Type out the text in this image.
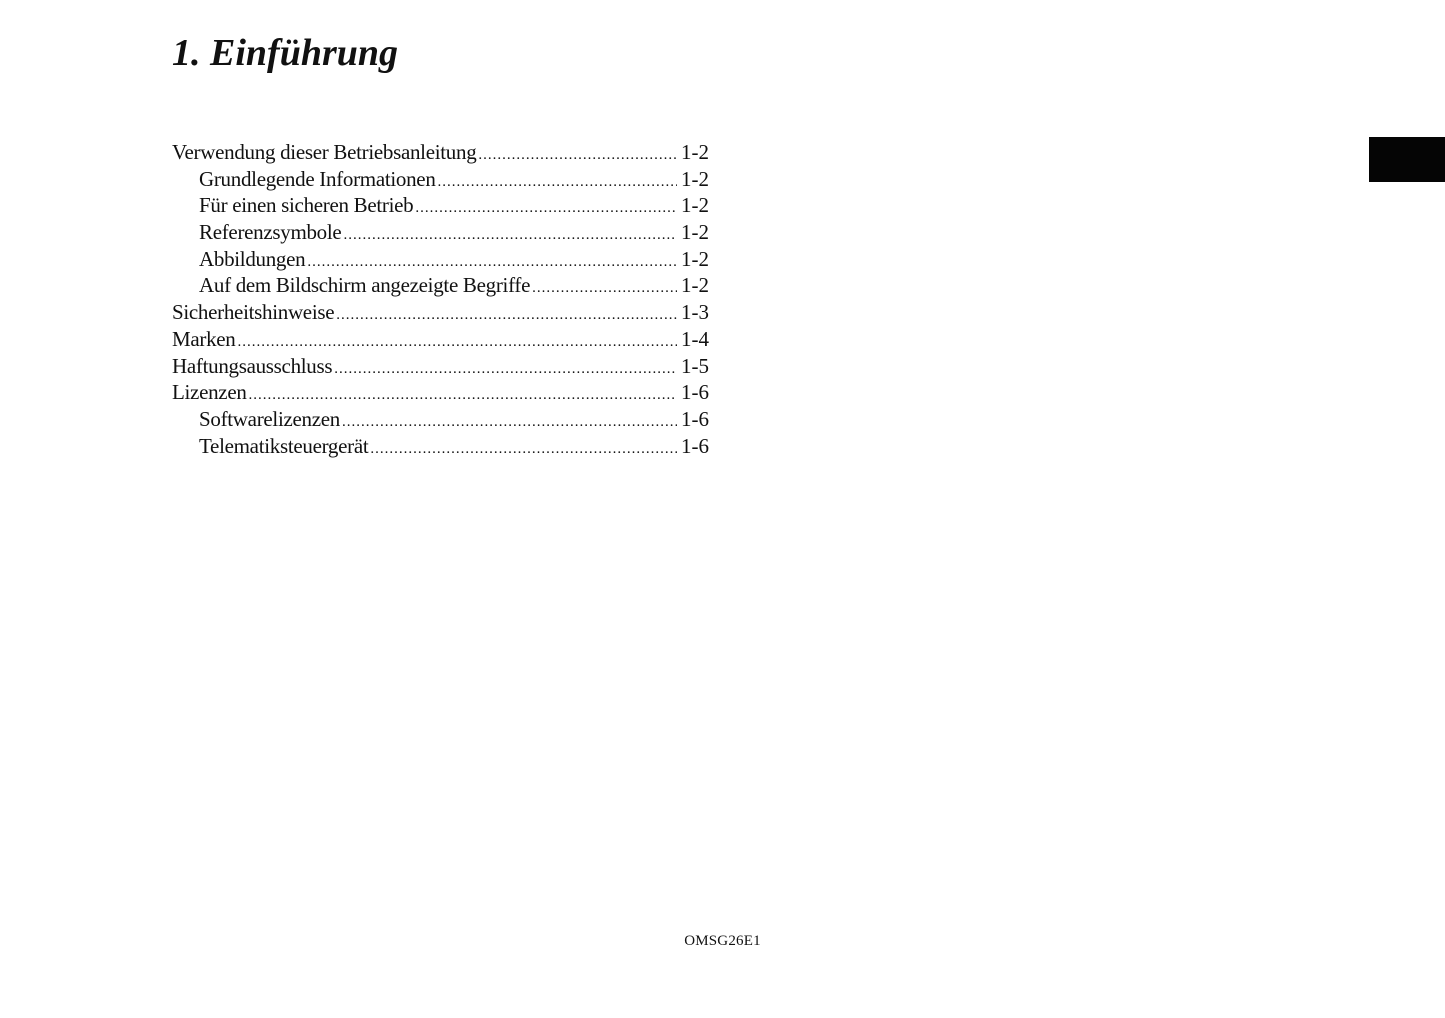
1. Einführung
Verwendung dieser Betriebsanleitung .....	1-2
Grundlegende Informationen .....	1-2
Für einen sicheren Betrieb .....	1-2
Referenzsymbole .....	1-2
Abbildungen .....	1-2
Auf dem Bildschirm angezeigte Begriffe .....	1-2
Sicherheitshinweise .....	1-3
Marken .....	1-4
Haftungsausschluss .....	1-5
Lizenzen .....	1-6
Softwarelizenzen .....	1-6
Telematiksteuergerät .....	1-6
OMSG26E1
